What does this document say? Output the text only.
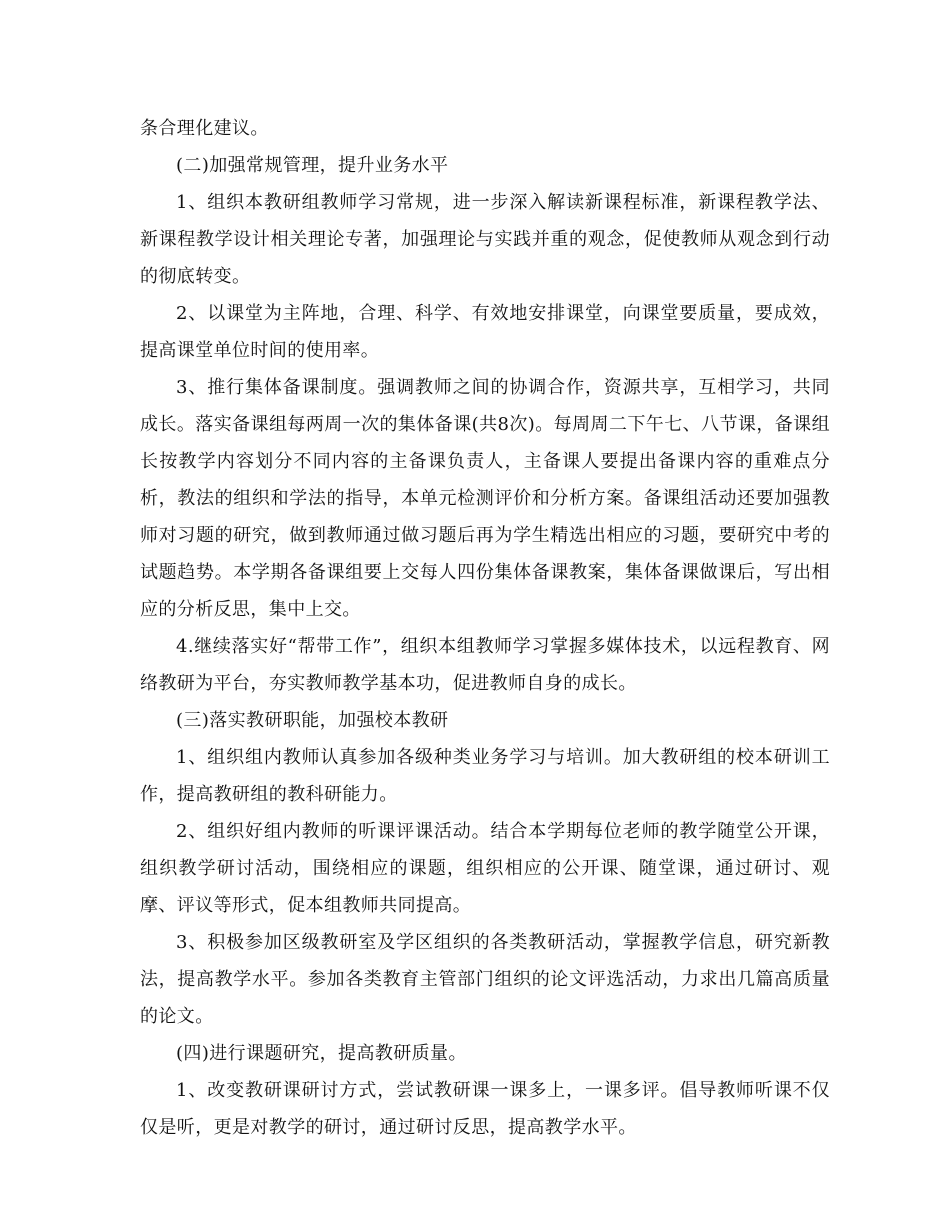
条合理化建议。

(二)加强常规管理，提升业务水平

1、组织本教研组教师学习常规，进一步深入解读新课程标准，新课程教学法、新课程教学设计相关理论专著，加强理论与实践并重的观念，促使教师从观念到行动的彻底转变。

2、以课堂为主阵地，合理、科学、有效地安排课堂，向课堂要质量，要成效，提高课堂单位时间的使用率。

3、推行集体备课制度。强调教师之间的协调合作，资源共享，互相学习，共同成长。落实备课组每两周一次的集体备课(共8次)。每周周二下午七、八节课，备课组长按教学内容划分不同内容的主备课负责人，主备课人要提出备课内容的重难点分析，教法的组织和学法的指导，本单元检测评价和分析方案。备课组活动还要加强教师对习题的研究，做到教师通过做习题后再为学生精选出相应的习题，要研究中考的试题趋势。本学期各备课组要上交每人四份集体备课教案，集体备课做课后，写出相应的分析反思，集中上交。

4.继续落实好“帮带工作”，组织本组教师学习掌握多媒体技术，以远程教育、网络教研为平台，夯实教师教学基本功，促进教师自身的成长。

(三)落实教研职能，加强校本教研

1、组织组内教师认真参加各级种类业务学习与培训。加大教研组的校本研训工作，提高教研组的教科研能力。

2、组织好组内教师的听课评课活动。结合本学期每位老师的教学随堂公开课，组织教学研讨活动，围绕相应的课题，组织相应的公开课、随堂课，通过研讨、观摩、评议等形式，促本组教师共同提高。

3、积极参加区级教研室及学区组织的各类教研活动，掌握教学信息，研究新教法，提高教学水平。参加各类教育主管部门组织的论文评选活动，力求出几篇高质量的论文。

(四)进行课题研究，提高教研质量。

1、改变教研课研讨方式，尝试教研课一课多上，一课多评。倡导教师听课不仅仅是听，更是对教学的研讨，通过研讨反思，提高教学水平。
